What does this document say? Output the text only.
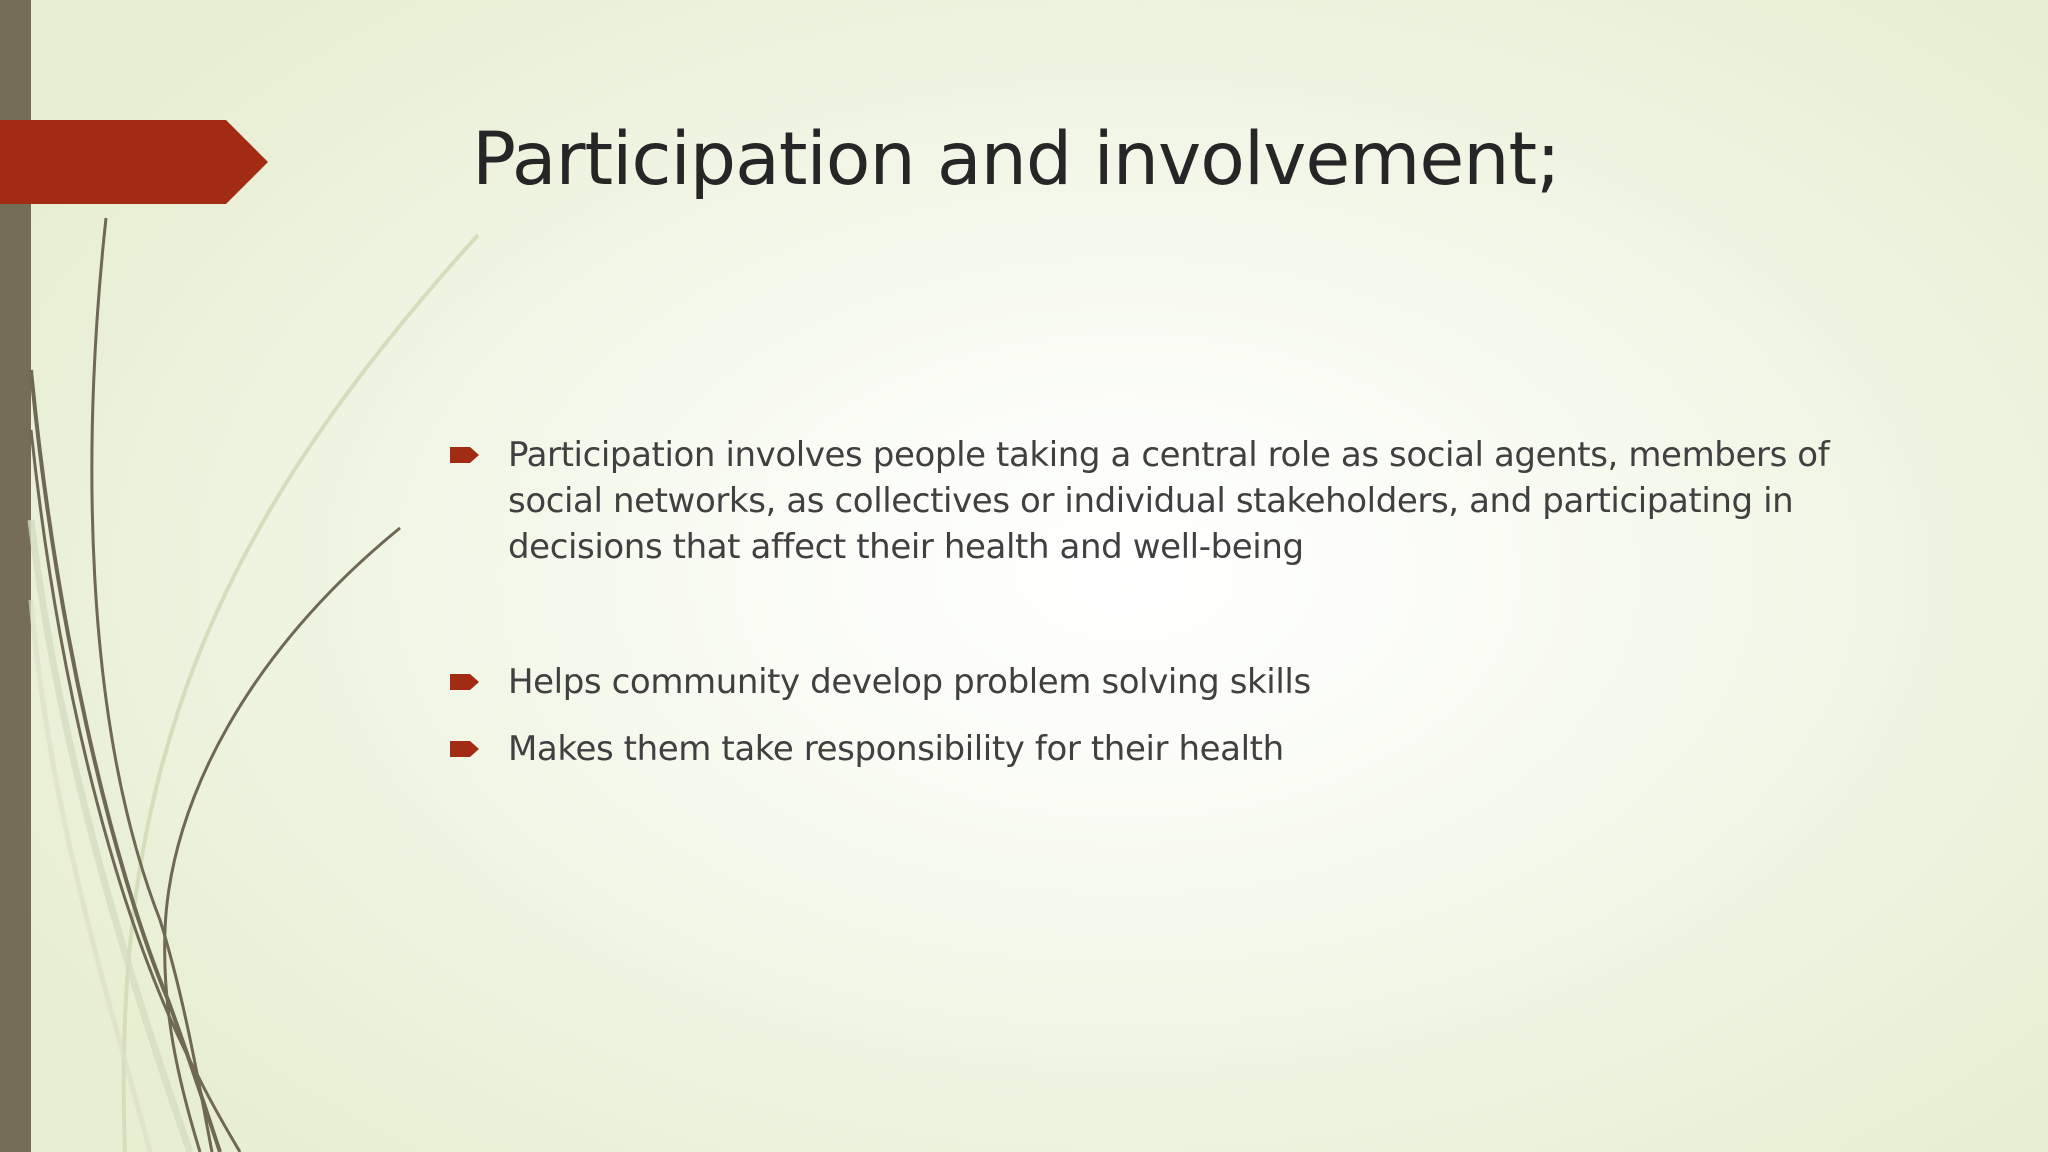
Participation and involvement;
Participation involves people taking a central role as social agents, members of social networks, as collectives or individual stakeholders, and participating in decisions that affect their health and well-being
Helps community develop problem solving skills
Makes them take responsibility for their health
